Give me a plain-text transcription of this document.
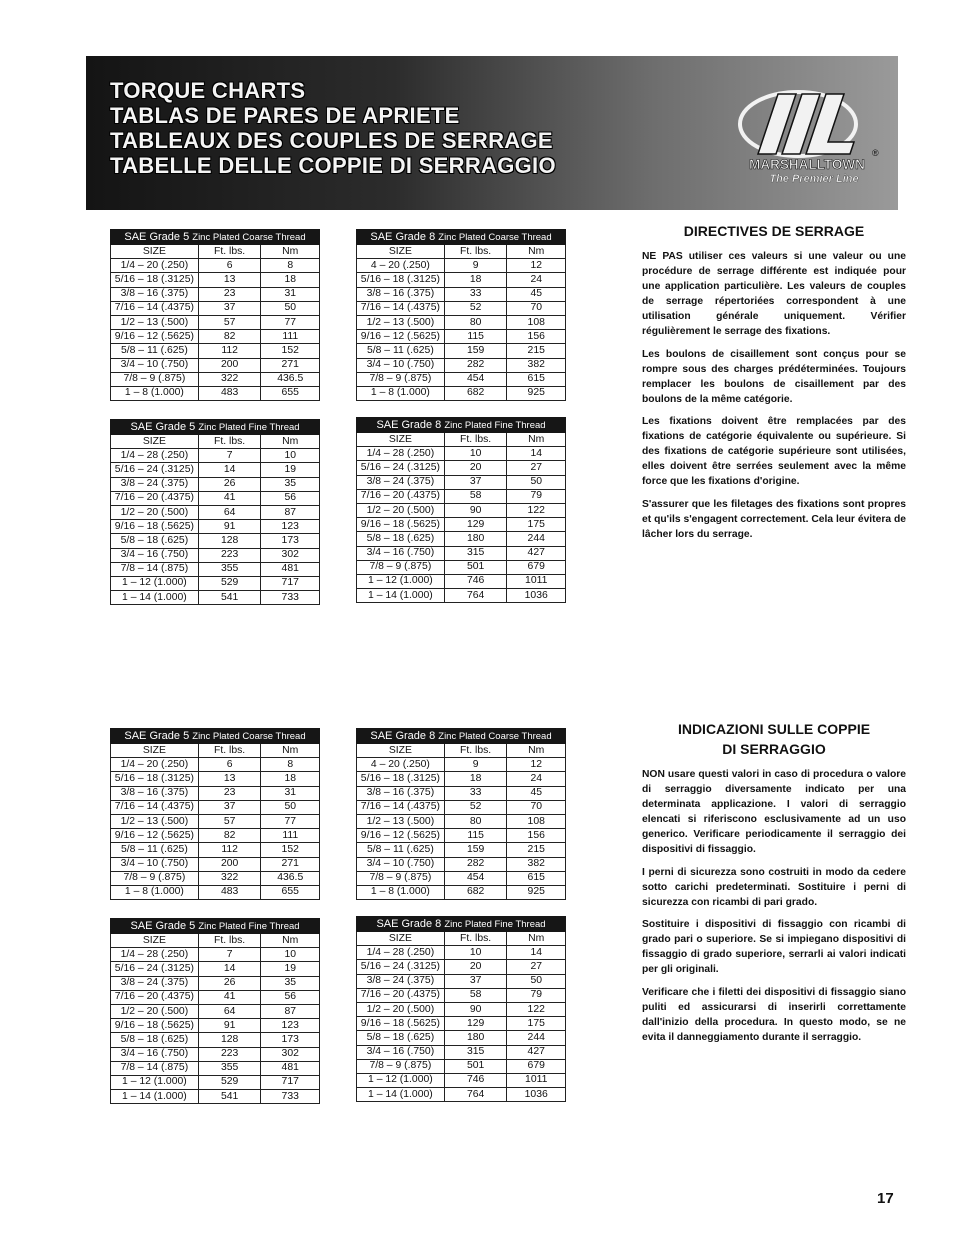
TORQUE CHARTS
TABLAS DE PARES DE APRIETE
TABLEAUX DES COUPLES DE SERRAGE
TABELLE DELLE COPPIE DI SERRAGGIO	®
MARSHALLTOWN
The Premier Line
SAE Grade 5 Zinc Plated Coarse Thread		
SIZE	Ft. lbs.	Nm
1/4 – 20 (.250)	6	8
5/16 – 18 (.3125)	13	18
3/8 – 16 (.375)	23	31
7/16 – 14 (.4375)	37	50
1/2 – 13 (.500)	57	77
9/16 – 12 (.5625)	82	111
5/8 – 11 (.625)	112	152
3/4 – 10 (.750)	200	271
7/8 – 9 (.875)	322	436.5
1 – 8 (1.000)	483	655
SAE Grade 8 Zinc Plated Coarse Thread		
SIZE	Ft. lbs.	Nm
4 – 20 (.250)	9	12
5/16 – 18 (.3125)	18	24
3/8 – 16 (.375)	33	45
7/16 – 14 (.4375)	52	70
1/2 – 13 (.500)	80	108
9/16 – 12 (.5625)	115	156
5/8 – 11 (.625)	159	215
3/4 – 10 (.750)	282	382
7/8 – 9 (.875)	454	615
1 – 8 (1.000)	682	925
SAE Grade 5 Zinc Plated Fine Thread		
SIZE	Ft. lbs.	Nm
1/4 – 28 (.250)	7	10
5/16 – 24 (.3125)	14	19
3/8 – 24 (.375)	26	35
7/16 – 20 (.4375)	41	56
1/2 – 20 (.500)	64	87
9/16 – 18 (.5625)	91	123
5/8 – 18 (.625)	128	173
3/4 – 16 (.750)	223	302
7/8 – 14 (.875)	355	481
1 – 12 (1.000)	529	717
1 – 14 (1.000)	541	733
SAE Grade 8 Zinc Plated Fine Thread		
SIZE	Ft. lbs.	Nm
1/4 – 28 (.250)	10	14
5/16 – 24 (.3125)	20	27
3/8 – 24 (.375)	37	50
7/16 – 20 (.4375)	58	79
1/2 – 20 (.500)	90	122
9/16 – 18 (.5625)	129	175
5/8 – 18 (.625)	180	244
3/4 – 16 (.750)	315	427
7/8 – 9 (.875)	501	679
1 – 12 (1.000)	746	1011
1 – 14 (1.000)	764	1036
SAE Grade 5 Zinc Plated Coarse Thread		
SIZE	Ft. lbs.	Nm
1/4 – 20 (.250)	6	8
5/16 – 18 (.3125)	13	18
3/8 – 16 (.375)	23	31
7/16 – 14 (.4375)	37	50
1/2 – 13 (.500)	57	77
9/16 – 12 (.5625)	82	111
5/8 – 11 (.625)	112	152
3/4 – 10 (.750)	200	271
7/8 – 9 (.875)	322	436.5
1 – 8 (1.000)	483	655
SAE Grade 8 Zinc Plated Coarse Thread		
SIZE	Ft. lbs.	Nm
4 – 20 (.250)	9	12
5/16 – 18 (.3125)	18	24
3/8 – 16 (.375)	33	45
7/16 – 14 (.4375)	52	70
1/2 – 13 (.500)	80	108
9/16 – 12 (.5625)	115	156
5/8 – 11 (.625)	159	215
3/4 – 10 (.750)	282	382
7/8 – 9 (.875)	454	615
1 – 8 (1.000)	682	925
SAE Grade 5 Zinc Plated Fine Thread		
SIZE	Ft. lbs.	Nm
1/4 – 28 (.250)	7	10
5/16 – 24 (.3125)	14	19
3/8 – 24 (.375)	26	35
7/16 – 20 (.4375)	41	56
1/2 – 20 (.500)	64	87
9/16 – 18 (.5625)	91	123
5/8 – 18 (.625)	128	173
3/4 – 16 (.750)	223	302
7/8 – 14 (.875)	355	481
1 – 12 (1.000)	529	717
1 – 14 (1.000)	541	733
SAE Grade 8 Zinc Plated Fine Thread		
SIZE	Ft. lbs.	Nm
1/4 – 28 (.250)	10	14
5/16 – 24 (.3125)	20	27
3/8 – 24 (.375)	37	50
7/16 – 20 (.4375)	58	79
1/2 – 20 (.500)	90	122
9/16 – 18 (.5625)	129	175
5/8 – 18 (.625)	180	244
3/4 – 16 (.750)	315	427
7/8 – 9 (.875)	501	679
1 – 12 (1.000)	746	1011
1 – 14 (1.000)	764	1036
DIRECTIVES DE SERRAGE

NE PAS utiliser ces valeurs si une valeur ou une procédure de serrage différente est indiquée pour une application particulière. Les valeurs de couples de serrage répertoriées correspondent à une utilisation générale uniquement. Vérifier régulièrement le serrage des fixations.

Les boulons de cisaillement sont conçus pour se rompre sous des charges prédéterminées. Toujours remplacer les boulons de cisaillement par des boulons de la même catégorie.

Les fixations doivent être remplacées par des fixations de catégorie équivalente ou supérieure. Si des fixations de catégorie supérieure sont utilisées, elles doivent être serrées seulement avec la même force que les fixations d'origine.

S'assurer que les filetages des fixations sont propres et qu'ils s'engagent correctement. Cela leur évitera de lâcher lors du serrage.

INDICAZIONI SULLE COPPIE
DI SERRAGGIO

NON usare questi valori in caso di procedura o valore di serraggio diversamente indicato per una determinata applicazione. I valori di serraggio elencati si riferiscono esclusivamente ad un uso generico. Verificare periodicamente il serraggio dei dispositivi di fissaggio.

I perni di sicurezza sono costruiti in modo da cedere sotto carichi predeterminati. Sostituire i perni di sicurezza con ricambi di pari grado.

Sostituire i dispositivi di fissaggio con ricambi di grado pari o superiore. Se si impiegano dispositivi di fissaggio di grado superiore, serrarli ai valori indicati per gli originali.

Verificare che i filetti dei dispositivi di fissaggio siano puliti ed assicurarsi di inserirli correttamente dall'inizio della procedura. In questo modo, se ne evita il danneggiamento durante il serraggio.

17
